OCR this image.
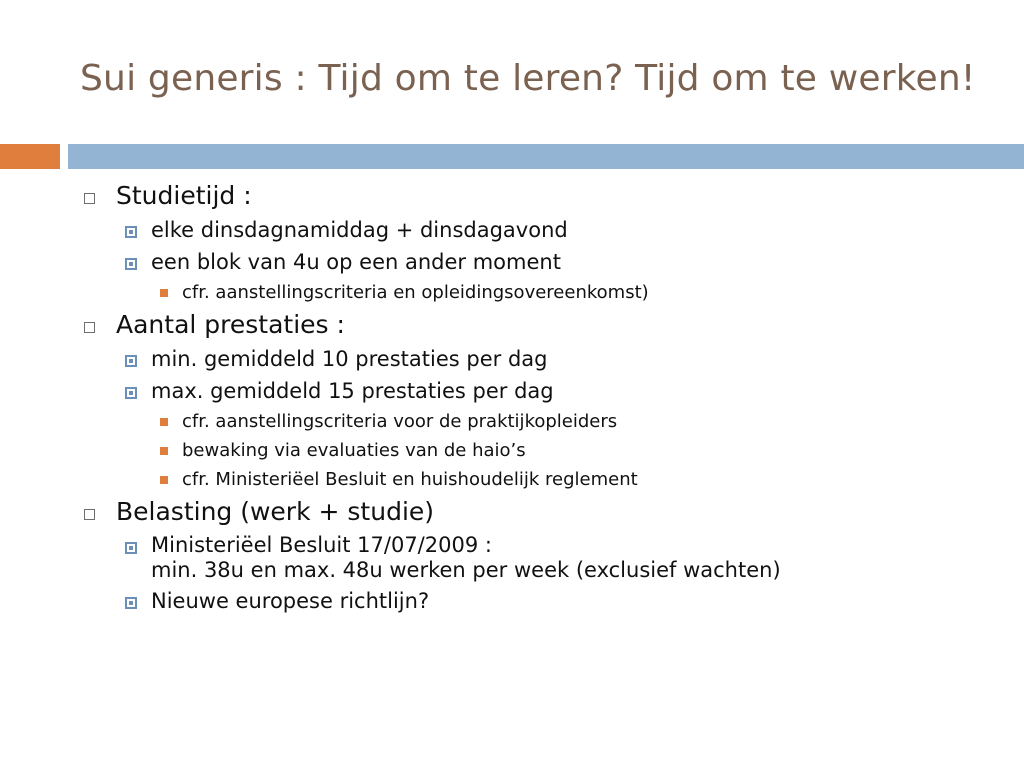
Sui generis : Tijd om te leren? Tijd om te werken!
Studietijd :
elke dinsdagnamiddag + dinsdagavond
een blok van 4u op een ander moment
cfr. aanstellingscriteria en opleidingsovereenkomst)
Aantal prestaties :
min. gemiddeld 10 prestaties per dag
max. gemiddeld 15 prestaties per dag
cfr. aanstellingscriteria voor de praktijkopleiders
bewaking via evaluaties van de haio’s
cfr. Ministeriëel Besluit en huishoudelijk reglement
Belasting (werk + studie)
Ministeriëel Besluit 17/07/2009 :
min. 38u en max. 48u werken per week (exclusief wachten)
Nieuwe europese richtlijn?
